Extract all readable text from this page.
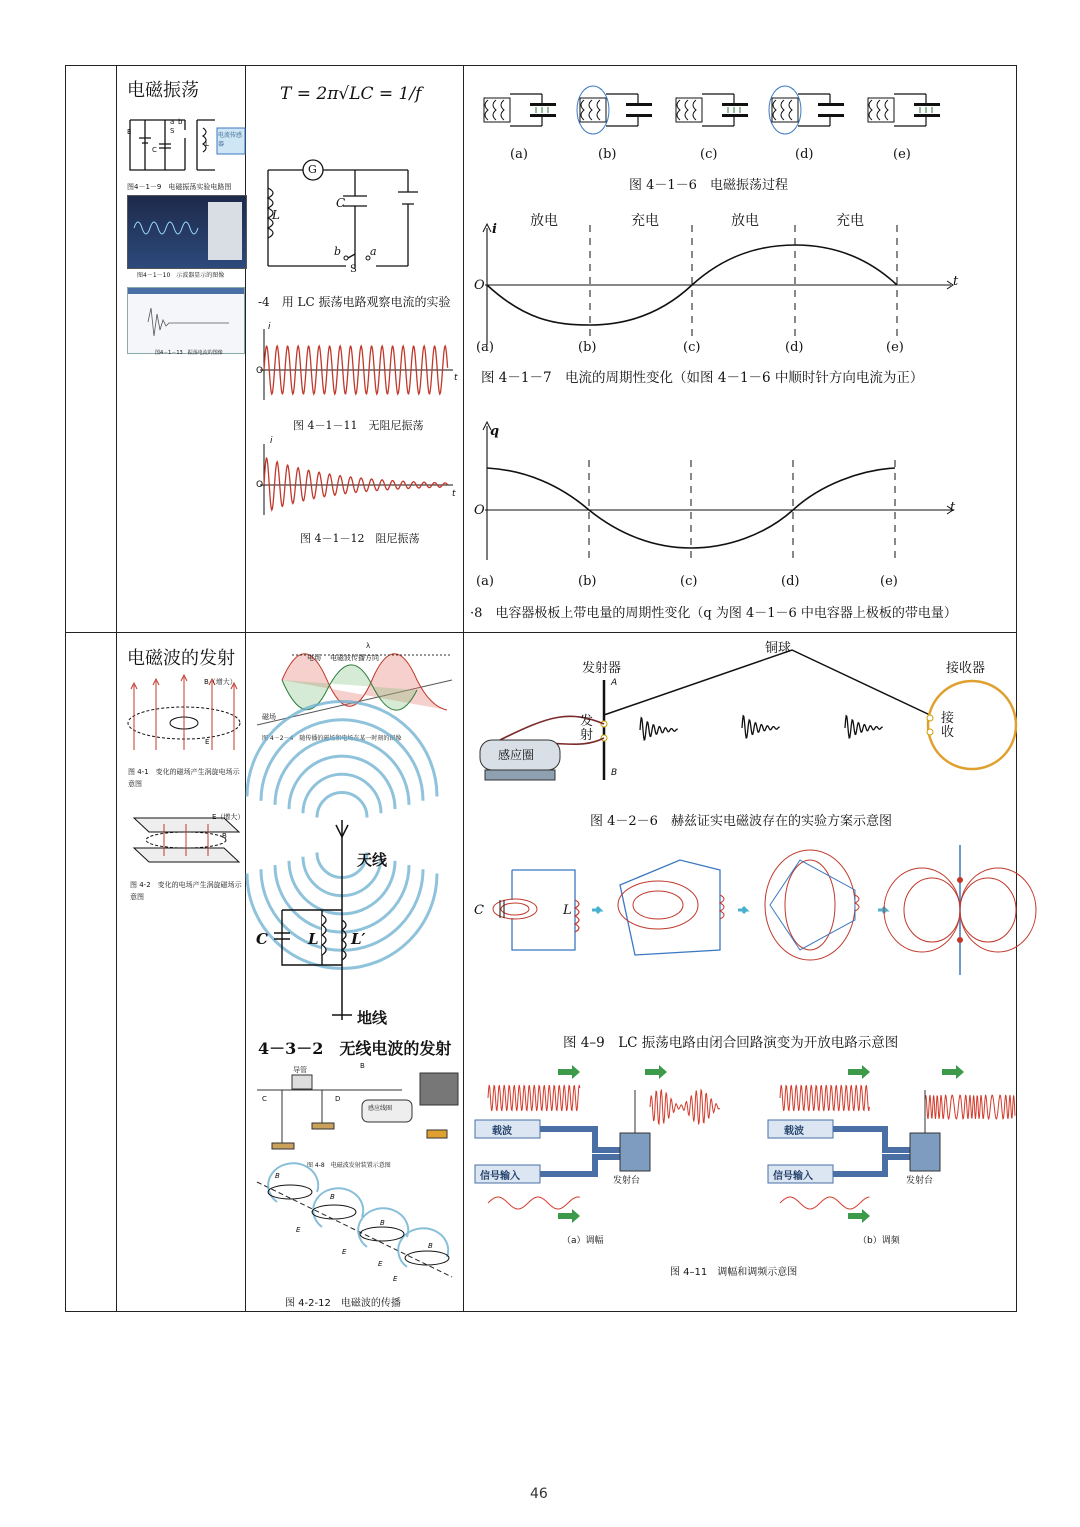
电磁振荡
E	S
a b
C
L
电流传感器
图4－1－9　电磁振荡实验电路图
图4－1－10　示波器显示的图像
图4－1－13　振荡电流的图像
T = 2π√LC = 1/f
G
L
C
b	a
S
-4　用 LC 振荡电路观察电流的实验
i
O
t
图 4－1－11　无阻尼振荡
i
O
t
图 4－1－12　阻尼振荡
(a)	(b)	(c)	(d)	(e)
图 4－1－6　电磁振荡过程
放电	充电	放电	充电
i
O	t
(a)	(b)	(c)	(d)	(e)
图 4－1－7　电流的周期性变化（如图 4－1－6 中顺时针方向电流为正）
q
O	t
(a)	(b)	(c)	(d)	(e)
·8　电容器极板上带电量的周期性变化（q 为图 4－1－6 中电容器上极板的带电量）
电磁波的发射
B（增大）
E
图 4-1　变化的磁场产生涡旋电场示意图
E（增大）
B
图 4-2　变化的电场产生涡旋磁场示意图
电场 电磁波传播方向
λ
磁场
图 4－2－4　随传播的磁场和电场在某一时刻的图像
天线
C	L L′
地线
4－3－2　无线电波的发射
导管	B
C	D
感应线圈
图 4-8　电磁波发射装置示意图
B
B
B
B
E
E
E
E
图 4-2-12　电磁波的传播
铜球
发射器	接收器
A
B
发射
接收
感应圈
图 4－2－6　赫兹证实电磁波存在的实验方案示意图
C	L
图 4–9　LC 振荡电路由闭合回路演变为开放电路示意图
载波
信号输入	发射台
载波
信号输入	发射台
（a）调幅	（b）调频
图 4–11　调幅和调频示意图
46
